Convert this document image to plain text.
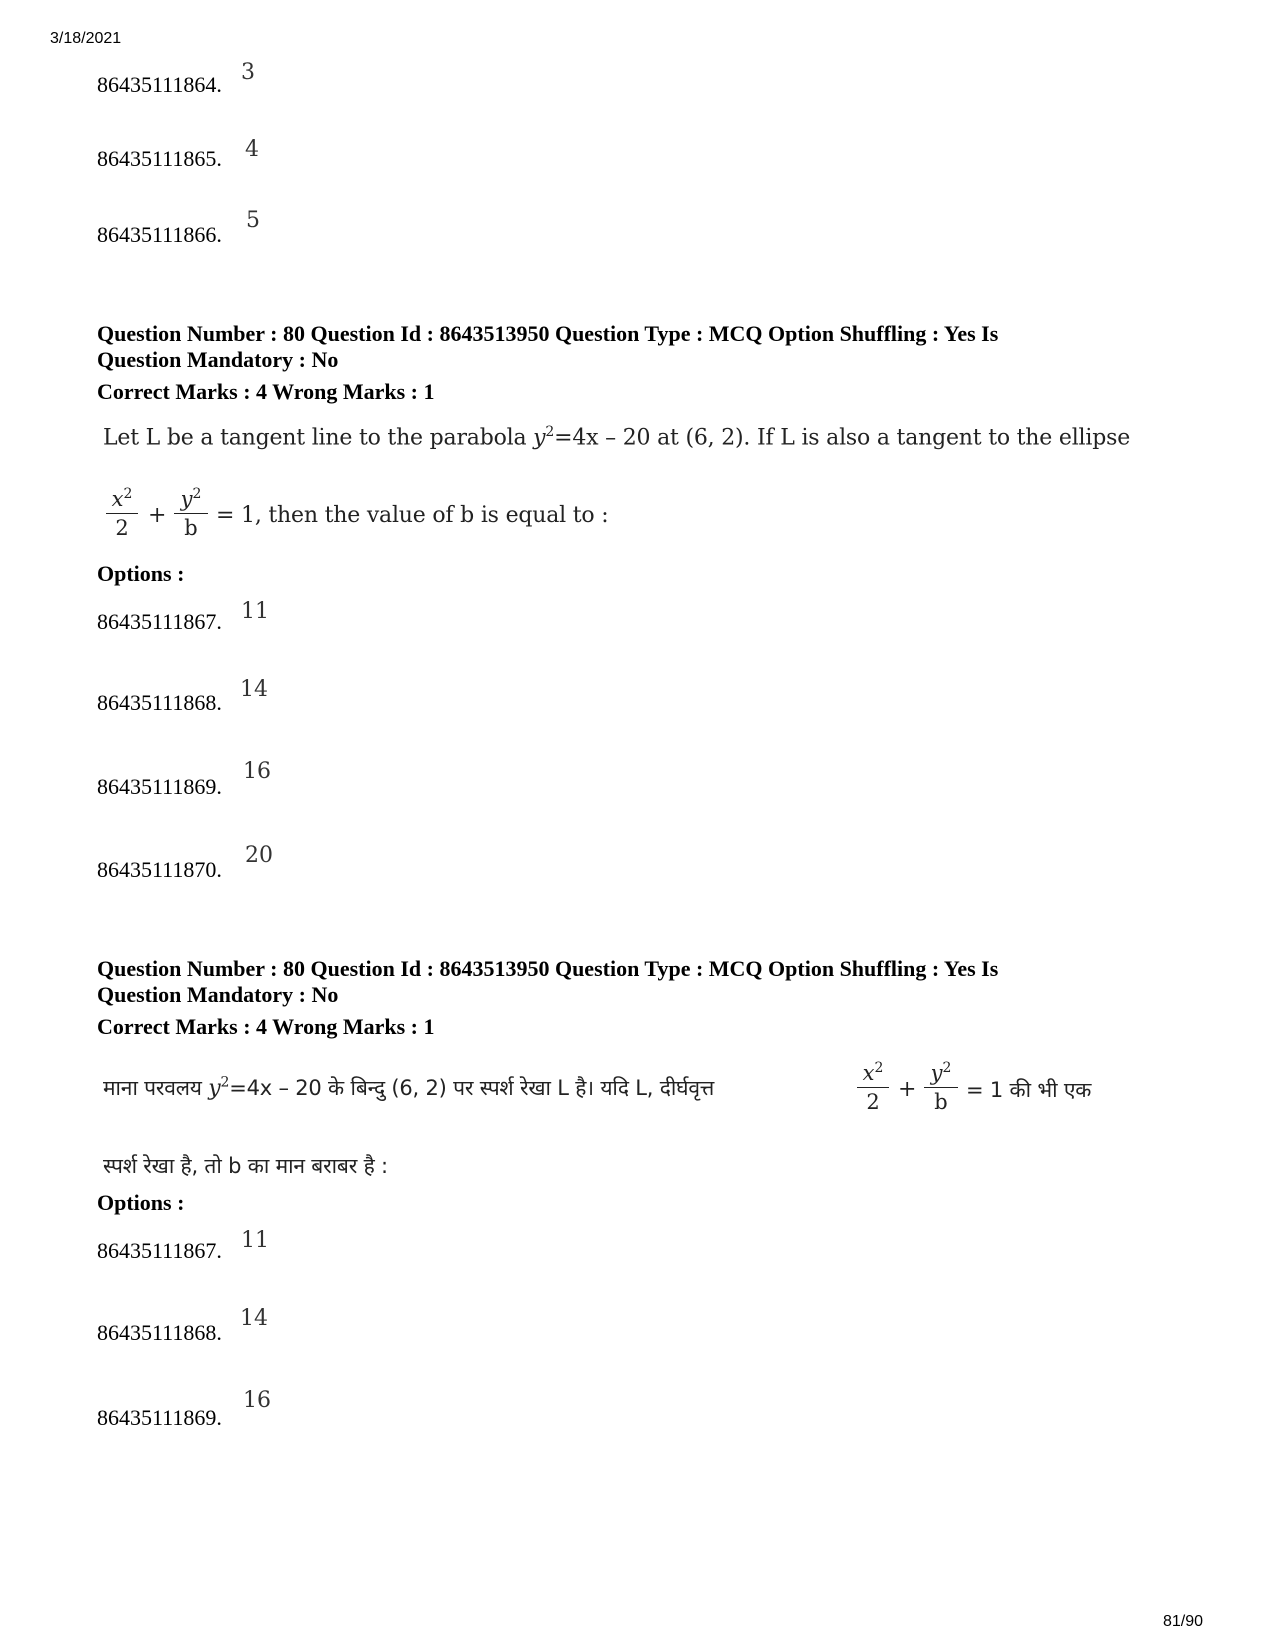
3/18/2021
86435111864. 3
86435111865. 4
86435111866.
5
Question Number : 80 Question Id : 8643513950 Question Type : MCQ Option Shuffling : Yes Is
Question Mandatory : No
Correct Marks : 4 Wrong Marks : 1
Let L be a tangent line to the parabola $y^2=4x - 20$ at (6, 2). If L is also a tangent to the ellipse
$x^2$
2 +
$y^2$
b = 1, then the value of b is equal to :
Options :
86435111867. 11
86435111868.
14
86435111869.
16
86435111870.
20
Question Number : 80 Question Id : 8643513950 Question Type : MCQ Option Shuffling : Yes Is
Question Mandatory : No
Correct Marks : 4 Wrong Marks : 1
माना परवलय $y^2=4x - 20$ के बिन्दु (6, 2) पर स्पर्श रेखा L है। यदि L, दीर्घवृत्त
$x^2$
2 +
$y^2$
b = 1 की भी एक
स्पर्श रेखा है, तो b का मान बराबर है :
Options :
86435111867. 11
86435111868.
14
86435111869.
16
81/90
